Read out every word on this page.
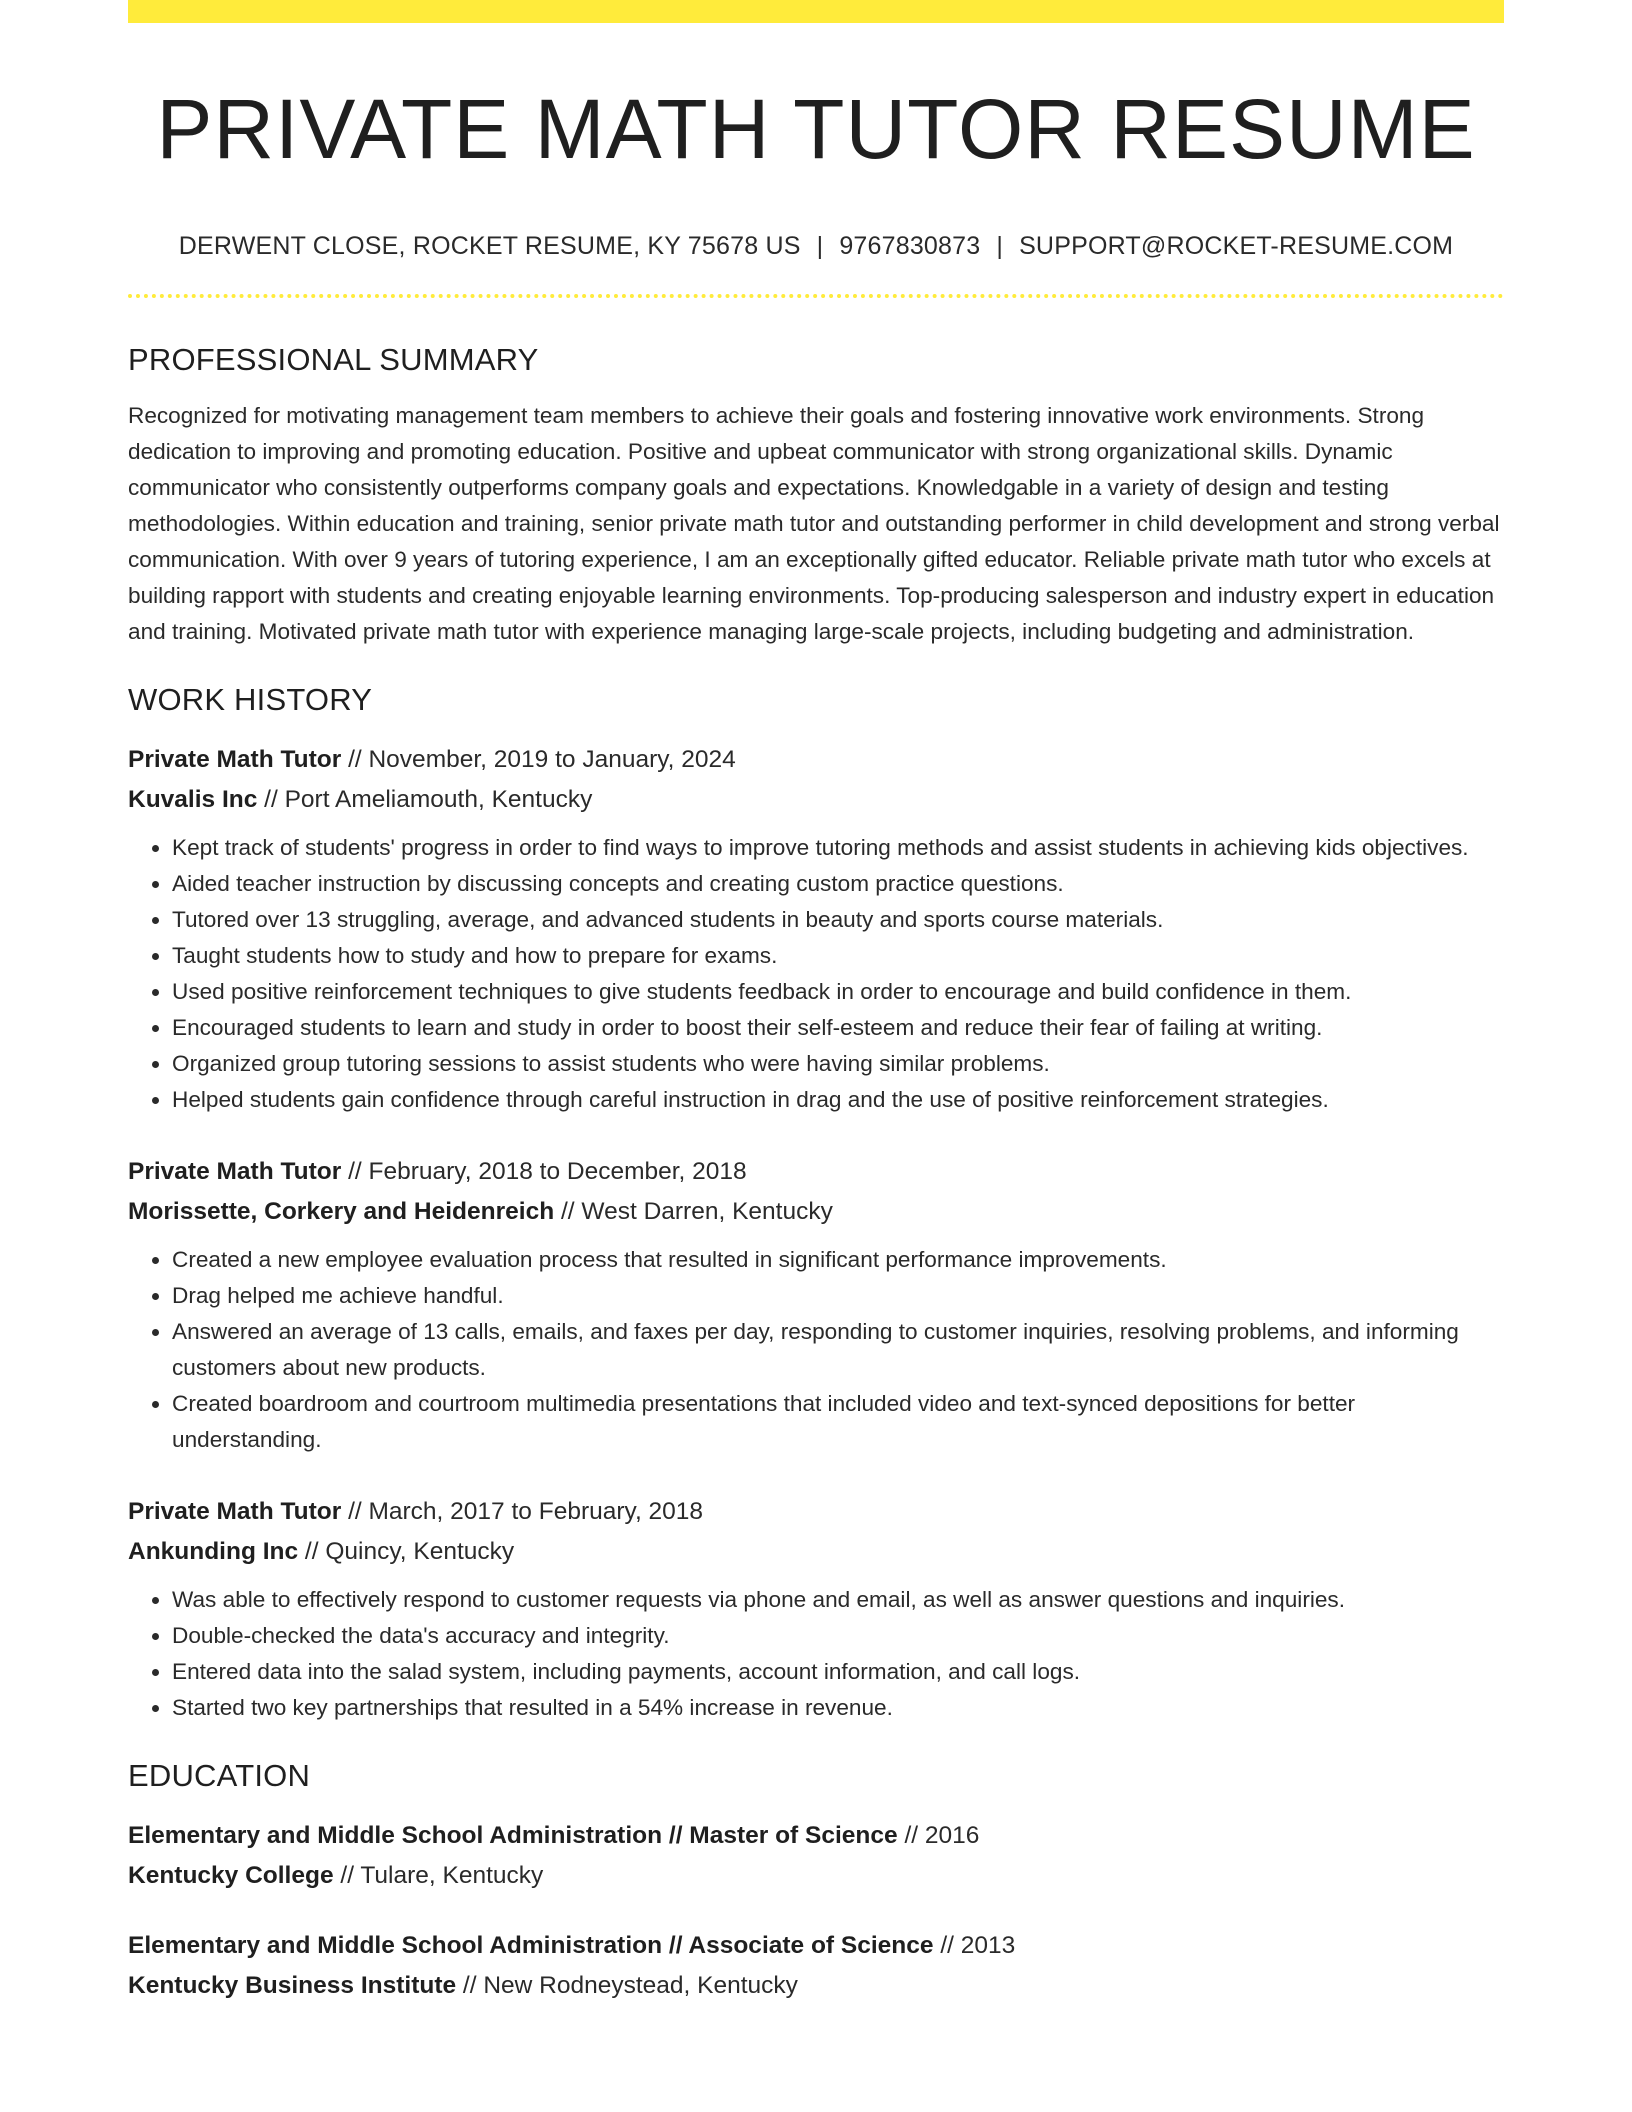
PRIVATE MATH TUTOR RESUME
DERWENT CLOSE, ROCKET RESUME, KY 75678 US | 9767830873 | SUPPORT@ROCKET-RESUME.COM
PROFESSIONAL SUMMARY
Recognized for motivating management team members to achieve their goals and fostering innovative work environments. Strong dedication to improving and promoting education. Positive and upbeat communicator with strong organizational skills. Dynamic communicator who consistently outperforms company goals and expectations. Knowledgable in a variety of design and testing methodologies. Within education and training, senior private math tutor and outstanding performer in child development and strong verbal communication. With over 9 years of tutoring experience, I am an exceptionally gifted educator. Reliable private math tutor who excels at building rapport with students and creating enjoyable learning environments. Top-producing salesperson and industry expert in education and training. Motivated private math tutor with experience managing large-scale projects, including budgeting and administration.
WORK HISTORY
Private Math Tutor // November, 2019 to January, 2024
Kuvalis Inc // Port Ameliamouth, Kentucky
• Kept track of students' progress in order to find ways to improve tutoring methods and assist students in achieving kids objectives.
• Aided teacher instruction by discussing concepts and creating custom practice questions.
• Tutored over 13 struggling, average, and advanced students in beauty and sports course materials.
• Taught students how to study and how to prepare for exams.
• Used positive reinforcement techniques to give students feedback in order to encourage and build confidence in them.
• Encouraged students to learn and study in order to boost their self-esteem and reduce their fear of failing at writing.
• Organized group tutoring sessions to assist students who were having similar problems.
• Helped students gain confidence through careful instruction in drag and the use of positive reinforcement strategies.
Private Math Tutor // February, 2018 to December, 2018
Morissette, Corkery and Heidenreich // West Darren, Kentucky
• Created a new employee evaluation process that resulted in significant performance improvements.
• Drag helped me achieve handful.
• Answered an average of 13 calls, emails, and faxes per day, responding to customer inquiries, resolving problems, and informing customers about new products.
• Created boardroom and courtroom multimedia presentations that included video and text-synced depositions for better understanding.
Private Math Tutor // March, 2017 to February, 2018
Ankunding Inc // Quincy, Kentucky
• Was able to effectively respond to customer requests via phone and email, as well as answer questions and inquiries.
• Double-checked the data's accuracy and integrity.
• Entered data into the salad system, including payments, account information, and call logs.
• Started two key partnerships that resulted in a 54% increase in revenue.
EDUCATION
Elementary and Middle School Administration // Master of Science // 2016
Kentucky College // Tulare, Kentucky
Elementary and Middle School Administration // Associate of Science // 2013
Kentucky Business Institute // New Rodneystead, Kentucky
